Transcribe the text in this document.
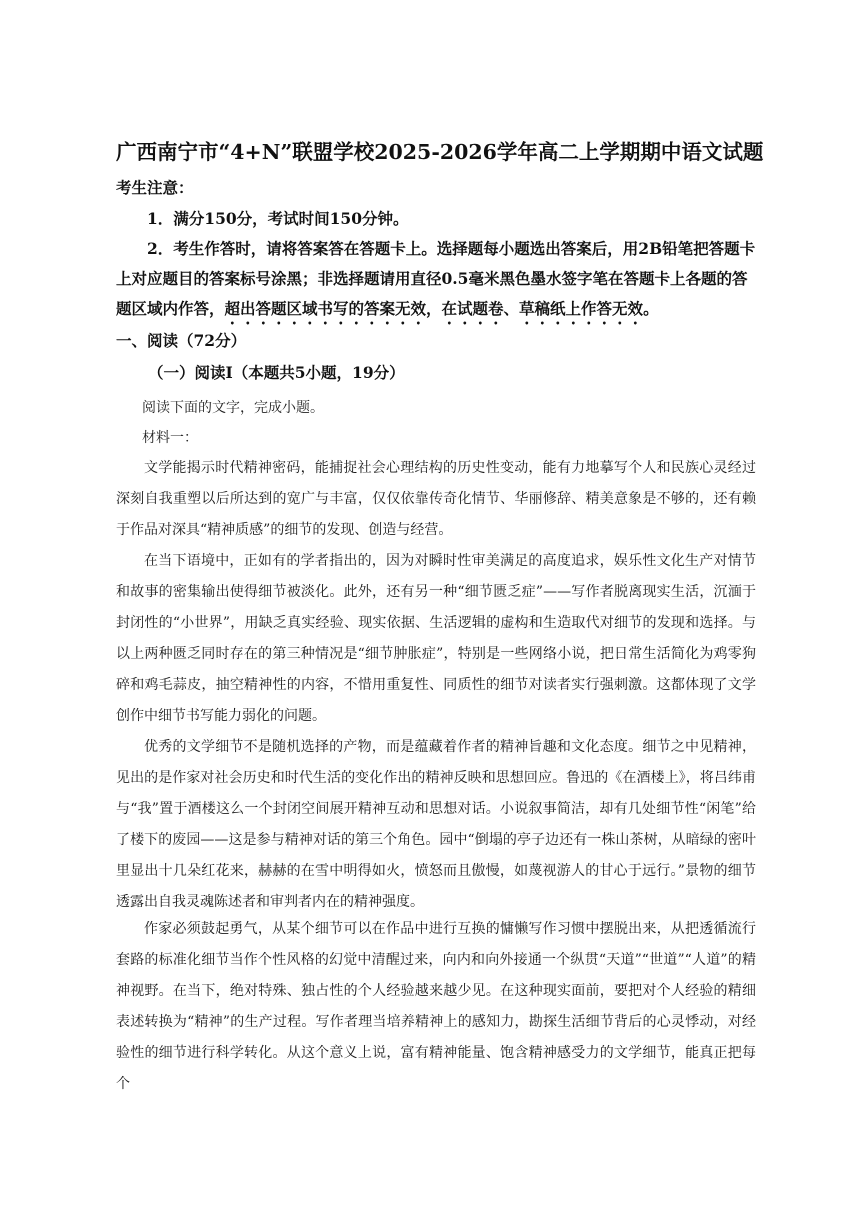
广西南宁市“4+N”联盟学校2025-2026学年高二上学期期中语文试题
考生注意：
1．满分150分，考试时间150分钟。
2．考生作答时，请将答案答在答题卡上。选择题每小题选出答案后，用2B铅笔把答题卡上对应题目的答案标号涂黑；非选择题请用直径0.5毫米黑色墨水签字笔在答题卡上各题的答题区域内作答，超出答题区域书写的答案无效，在试题卷、草稿纸上作答无效。
一、阅读（72分）
（一）阅读Ⅰ（本题共5小题，19分）
阅读下面的文字，完成小题。
材料一：
文学能揭示时代精神密码，能捕捉社会心理结构的历史性变动，能有力地摹写个人和民族心灵经过深刻自我重塑以后所达到的宽广与丰富，仅仅依靠传奇化情节、华丽修辞、精美意象是不够的，还有赖于作品对深具“精神质感”的细节的发现、创造与经营。
在当下语境中，正如有的学者指出的，因为对瞬时性审美满足的高度追求，娱乐性文化生产对情节和故事的密集输出使得细节被淡化。此外，还有另一种“细节匮乏症”——写作者脱离现实生活，沉湎于封闭性的“小世界”，用缺乏真实经验、现实依据、生活逻辑的虚构和生造取代对细节的发现和选择。与以上两种匮乏同时存在的第三种情况是“细节肿胀症”，特别是一些网络小说，把日常生活简化为鸡零狗碎和鸡毛蒜皮，抽空精神性的内容，不惜用重复性、同质性的细节对读者实行强刺激。这都体现了文学创作中细节书写能力弱化的问题。
优秀的文学细节不是随机选择的产物，而是蕴藏着作者的精神旨趣和文化态度。细节之中见精神，见出的是作家对社会历史和时代生活的变化作出的精神反映和思想回应。鲁迅的《在酒楼上》，将吕纬甫与“我”置于酒楼这么一个封闭空间展开精神互动和思想对话。小说叙事简洁，却有几处细节性“闲笔”给了楼下的废园——这是参与精神对话的第三个角色。园中“倒塌的亭子边还有一株山茶树，从暗绿的密叶里显出十几朵红花来，赫赫的在雪中明得如火，愤怒而且傲慢，如蔑视游人的甘心于远行。”景物的细节透露出自我灵魂陈述者和审判者内在的精神强度。
作家必须鼓起勇气，从某个细节可以在作品中进行互换的慵懒写作习惯中摆脱出来，从把透循流行套路的标准化细节当作个性风格的幻觉中清醒过来，向内和向外接通一个纵贯“天道”“世道”“人道”的精神视野。在当下，绝对特殊、独占性的个人经验越来越少见。在这种现实面前，要把对个人经验的精细表述转换为“精神”的生产过程。写作者理当培养精神上的感知力，勘探生活细节背后的心灵悸动，对经验性的细节进行科学转化。从这个意义上说，富有精神能量、饱含精神感受力的文学细节，能真正把每个
